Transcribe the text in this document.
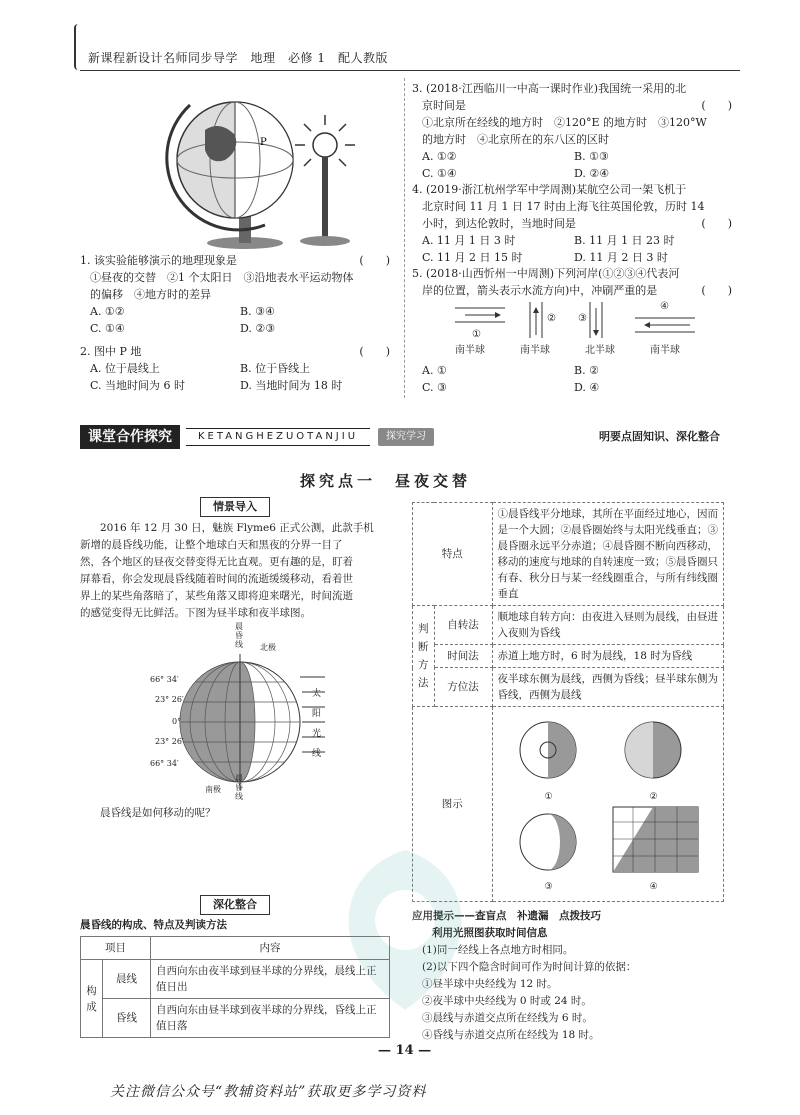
新课程新设计名师同步导学　地理　必修 1　配人教版
P
1. 该实验能够演示的地理现象是	(　　)
①昼夜的交替　②1 个太阳日　③沿地表水平运动物体
的偏移　④地方时的差异
A. ①②	B. ③④
C. ①④	D. ②③
2. 图中 P 地	(　　)
A. 位于晨线上	B. 位于昏线上
C. 当地时间为 6 时	D. 当地时间为 18 时
3. (2018·江西临川一中高一课时作业)我国统一采用的北
京时间是	(　　)
①北京所在经线的地方时　②120°E 的地方时　③120°W
的地方时　④北京所在的东八区的区时
A. ①②	B. ①③
C. ①④	D. ②④
4. (2019·浙江杭州学军中学周测)某航空公司一架飞机于
北京时间 11 月 1 日 17 时由上海飞往英国伦敦，历时 14
小时，到达伦敦时，当地时间是	(　　)
A. 11 月 1 日 3 时	B. 11 月 1 日 23 时
C. 11 月 2 日 15 时	D. 11 月 2 日 3 时
5. (2018·山西忻州一中周测)下列河岸(①②③④代表河
岸的位置，箭头表示水流方向)中，冲刷严重的是	(　　)
①
② ③
④
南半球	南半球	北半球	南半球
A. ①	B. ②
C. ③	D. ④
课堂合作探究	KETANGHEZUOTANJIU	探究学习	明要点固知识、深化整合
探究点一　昼夜交替
情景导入
2016 年 12 月 30 日，魅族 Flyme6 正式公测，此款手机
新增的晨昏线功能，让整个地球白天和黑夜的分界一目了
然，各个地区的昼夜交替变得无比直观。更有趣的是，盯着
屏幕看，你会发现晨昏线随着时间的流逝缓缓移动，看着世
界上的某些角落暗了，某些角落又即将迎来曙光，时间流逝
的感觉变得无比鲜活。下图为昼半球和夜半球图。
晨昏线	北极
南极
晨昏线
太阳光线
66° 34′
23° 26′
0°
23° 26′
66° 34′
晨昏线是如何移动的呢？
深化整合
晨昏线的构成、特点及判读方法
项目		内容
构成	晨线	自西向东由夜半球到昼半球的分界线，晨线上正值日出
	昏线	自西向东由昼半球到夜半球的分界线，昏线上正值日落
特点		①晨昏线平分地球，其所在平面经过地心，因而是一个大圆；②晨昏圈始终与太阳光线垂直；③晨昏圈永远平分赤道；④晨昏圈不断向西移动，移动的速度与地球的自转速度一致；⑤晨昏圈只有春、秋分日与某一经线圈重合，与所有纬线圈垂直
判断方法	自转法	顺地球自转方向：由夜进入昼则为晨线，由昼进入夜则为昏线
	时间法	赤道上地方时，6 时为晨线，18 时为昏线
	方位法	夜半球东侧为晨线，西侧为昏线；昼半球东侧为昏线，西侧为晨线
图示		① ②
③ ④
应用提示——查盲点　补遗漏　点拨技巧
利用光照图获取时间信息
(1)同一经线上各点地方时相同。
(2)以下四个隐含时间可作为时间计算的依据：
①昼半球中央经线为 12 时。
②夜半球中央经线为 0 时或 24 时。
③晨线与赤道交点所在经线为 6 时。
④昏线与赤道交点所在经线为 18 时。
— 14 —
关注微信公众号“教辅资料站”获取更多学习资料
